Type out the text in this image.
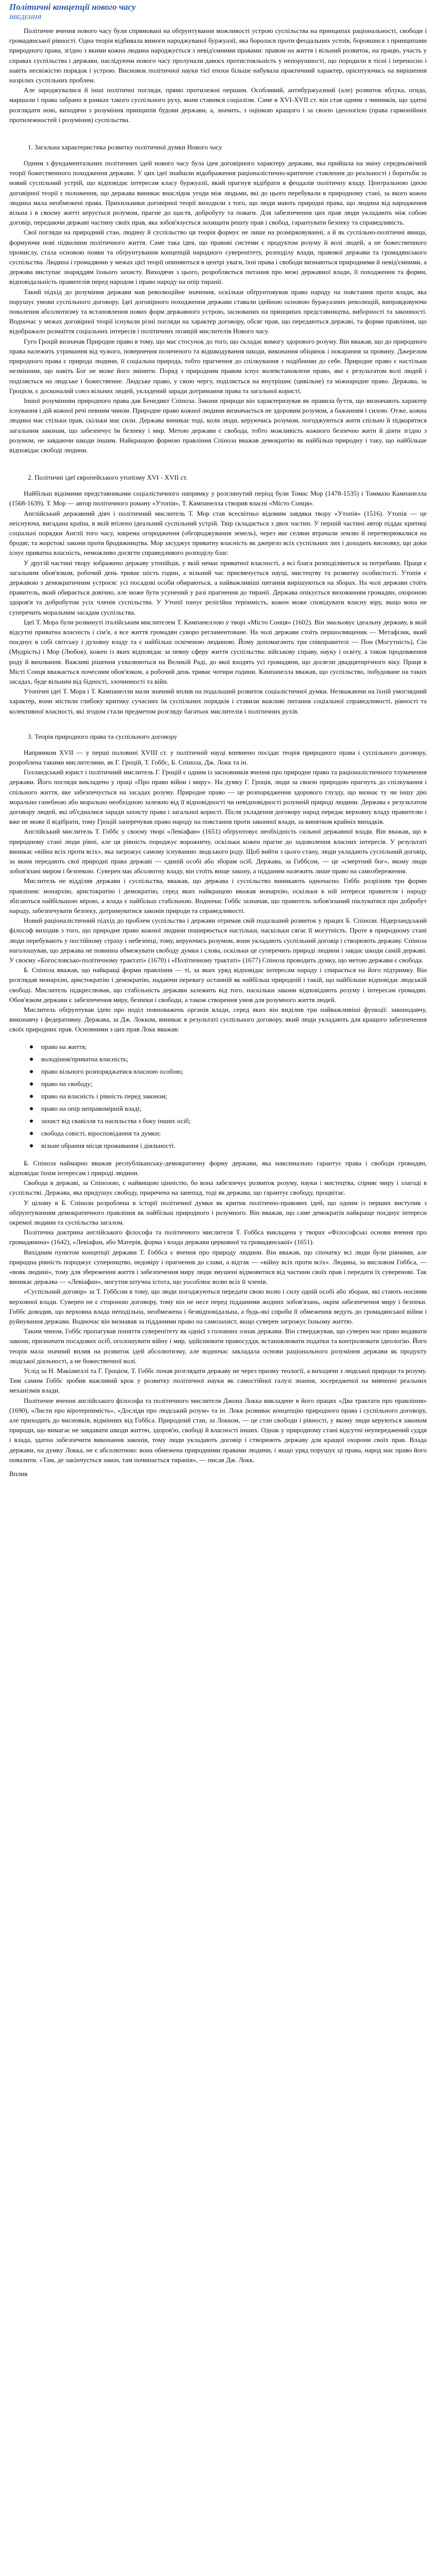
Політичні концепції нового часу
ВВЕДЕННЯ

Політичне вчення нового часу були спрямовані на обґрунтування можливості устрою суспільства на принципах раціональності, свободи і громадянської рівності. Одна теорія відбивала вимоги народжуваної буржуазії, яка боролася проти феодальних устоїв, боровшися з принципами природного права, згідно з якими кожна людина народжується з невід'ємними правами: правом на життя і вільний розвиток, на працю, участь у справах суспільства і держави, наслідуючи нового часу пролунали давоєх протистояльність у непорушності, що породили в тісні і переносно і навіть несвіжістю порядок і устрою. Висновок політичної науки тієї епохи більше набувала практичний характер, орієнтуючись на вирішення назрілих суспільних проблем.

Але зароджувалися й інші політичні погляди, прямо протилежні першим. Особливий, антибуржуазний (але) розвиток яблука, огида, маршали і права забрано в рамках такого суспільного руху, яким ставився соціалізм. Саме в XVI-XVII ст. він став одним з чинників, що здатні розглядати нові, виходячи з розуміння принципів будови держави, а, значить, з оцінкою кращого і за своєю ідеологією (права гармонійних протилежностей і розуміння) суспільства.

1. Загальна характеристика розвитку політичної думки Нового часу

Одним з фундаментальних політичних ідей нового часу була ідея договірного характеру держави, яка прийшла на зміну середньовічній теорії божественного походження держави. У цих ідеї знайшли відображення раціоналістично-критичне ставлення до реальності і боротьби за новий суспільний устрій, що відповідає інтересам класу буржуазії, який прагнув відібрати в феодалів політичну владу. Центральною ідеєю договірної теорії є положення, що держава виникає внаслідок угоди між людьми, які до цього перебували в природному стані, за якого кожна людина мала необмежені права. Прихильники договірної теорії виходили з того, що люди мають природні права, що людина від народження вільна і в своєму житті керується розумом, прагне до щастя, добробуту та поваги. Для забезпечення цих прав люди укладають між собою договір, передаючи державі частину своїх прав, яка зобов'язується захищати решту прав і свобод, гарантувати безпеку та справедливість.

Свої погляди на природний стан, людину й суспільство ця теорія формує не лише на розмірковуванні, а й як суспільно-політичні явища, формуючи нові підвалини політичного життя. Саме така ідея, що правові системи є продуктом розуму й волі людей, а не божественного промислу, стала основою появи та обґрунтування концепцій народного суверенітету, розподілу влади, правової держави та громадянського суспільства. Людина і громадянин у межах цієї теорії опиняються в центрі уваги, їхні права і свободи визнаються природними й невід'ємними, а держава виступає знаряддям їхнього захисту. Виходячи з цього, розробляється питання про межі державної влади, її походження та форми, відповідальність правителів перед народом і право народу на опір тиранії.

Такий підхід до розуміння держави мав революційне значення, оскільки обґрунтовував право народу на повстання проти влади, яка порушує умови суспільного договору. Ідеї договірного походження держави ставали ідейною основою буржуазних революцій, виправдовуючи повалення абсолютизму та встановлення нових форм державного устрою, заснованих на принципах представництва, виборності та законності. Водночас у межах договірної теорії існували різні погляди на характер договору, обсяг прав, що передаються державі, та форми правління, що відображало розмаїття соціальних інтересів і політичних позицій мислителів Нового часу.

Гуго Гроцій визначав Природне право в тому, що має стосунок до того, що складає вимогу здорового розуму. Він вважав, що до природного права належить утримання від чужого, повернення позиченого та відшкодування шкоди, виконання обіцянок і покарання за провину. Джерелом природного права є природа людини, її соціальна природа, тобто прагнення до спілкування з подібними до себе. Природне право є настільки незмінним, що навіть Бог не може його змінити. Поряд з природним правом існує волевстановлене право, яке є результатом волі людей і поділяється на людське і божественне. Людське право, у свою чергу, поділяється на внутрішнє (цивільне) та міжнародне право. Держава, за Гроцієм, є досконалий союз вільних людей, укладений заради дотримання права та загальної користі.

Іншої розумінням природного права дав Бенедикт Спіноза. Закони природи він характеризував як правила буття, що визначають характер існування і дій кожної речі певним чином. Природне право кожної людини визначається не здоровим розумом, а бажанням і силою. Отже, кожна людина має стільки прав, скільки має сили. Держава виникає тоді, коли люди, керуючись розумом, погоджуються жити спільно й підкорятися загальним законам, що забезпечує їм безпеку і мир. Метою держави є свобода, тобто можливість кожного безпечно жити й діяти згідно з розумом, не завдаючи шкоди іншим. Найкращою формою правління Спіноза вважав демократію як найбільш природну і таку, що найбільше відповідає свободі людини.

2. Політичні ідеї європейського утопізму XVI - XVII ст.

Найбільш відомими представниками соціалістичного напрямку у розглянутий період були Томас Мор (1478-1535) і Томмазо Кампанелла (1568-1639). Т. Мор — автор політичного роману «Утопія», Т. Кампанелла створив власні «Місто Сонця».

Англійський державний діяч і політичний мислитель Т. Мор став всесвітньо відомим завдяки твору «Утопія» (1516). Утопія — це неіснуюча, вигадана країна, в якій втілено ідеальний суспільний устрій. Твір складається з двох частин. У першій частині автор піддає критиці соціальні порядки Англії того часу, зокрема огородження (обгороджування земель), через яке селяни втрачали землю й перетворювалися на бродяг, та жорстокі закони проти бродяжництва. Мор засуджує приватну власність як джерело всіх суспільних лих і доходить висновку, що доки існує приватна власність, неможливо досягти справедливого розподілу благ.

У другій частині твору зображено державу утопійців, у якій немає приватної власності, а всі блага розподіляються за потребами. Праця є загальним обов'язком, робочий день триває шість годин, а вільний час присвячується науці, мистецтву та розвитку особистості. Утопія є державою з демократичним устроєм: усі посадові особи обираються, а найважливіші питання вирішуються на зборах. На чолі держави стоїть правитель, який обирається довічно, але може бути усунений у разі прагнення до тиранії. Держава опікується вихованням громадян, охороною здоров'я та добробутом усіх членів суспільства. У Утопії панує релігійна терпимість, кожен може сповідувати власну віру, якщо вона не суперечить моральним засадам суспільства.

Ідеї Т. Мора були розвинуті італійським мислителем Т. Кампанеллою у творі «Місто Сонця» (1602). Він змальовує ідеальну державу, в якій відсутні приватна власність і сім'я, а все життя громадян суворо регламентоване. На чолі держави стоїть першосвященик — Метафізик, який поєднує в собі світську і духовну владу та є найбільш освіченою людиною. Йому допомагають три співправителі — Пон (Могутність), Сін (Мудрість) і Мор (Любов), кожен із яких відповідає за певну сферу життя суспільства: військову справу, науку і освіту, а також продовження роду й виховання. Важливі рішення ухвалюються на Великій Раді, до якої входять усі громадяни, що досягли двадцятирічного віку. Праця в Місті Сонця вважається почесним обов'язком, а робочий день триває чотири години. Кампанелла вважав, що суспільство, побудоване на таких засадах, буде вільним від бідності, злочинності та війн.

Утопічні ідеї Т. Мора і Т. Кампанелли мали значний вплив на подальший розвиток соціалістичної думки. Незважаючи на їхній умоглядний характер, вони містили глибоку критику сучасних їм суспільних порядків і ставили важливі питання соціальної справедливості, рівності та колективної власності, які згодом стали предметом розгляду багатьох мислителів і політичних рухів.

3. Теорія природного права та суспільного договору

Напрямком XVII — у перші половині XVIII ст. у політичній науці впевнено посідає теорія природного права і суспільного договору, розроблена такими мислителями, як Г. Гроцій, Т. Гоббс, Б. Спіноза, Дж. Локк та ін.

Голландський юрист і політичний мислитель Г. Гроцій є одним із засновників вчення про природне право та раціоналістичного тлумачення держави. Його погляди викладено у праці «Про право війни і миру». На думку Г. Гроція, люди за своєю природою прагнуть до спілкування і спільного життя, яке забезпечується на засадах розуму. Природне право — це розпорядження здорового глузду, що визнає ту чи іншу дію морально ганебною або морально необхідною залежно від її відповідності чи невідповідності розумній природі людини. Держава є результатом договору людей, які об'єдналися заради захисту права і загальної користі. Після укладення договору народ передає верховну владу правителю і вже не може її відібрати, тому Гроцій заперечував право народу на повстання проти законної влади, за винятком крайніх випадків.

Англійський мислитель Т. Гоббс у своєму творі «Левіафан» (1651) обґрунтовує необхідність сильної державної влади. Він вважав, що в природному стані люди рівні, але ця рівність породжує ворожнечу, оскільки кожен прагне до задоволення власних інтересів. У результаті виникає «війна всіх проти всіх», яка загрожує самому існуванню людського роду. Щоб вийти з цього стану, люди укладають суспільний договір, за яким передають свої природні права державі — єдиній особі або зборам осіб. Держава, за Гоббсом, — це «смертний бог», якому люди зобов'язані миром і безпекою. Суверен має абсолютну владу, він стоїть вище закону, а підданим належить лише право на самозбереження.

Мислитель не відділяв держави і суспільства, вважав, що держава і суспільство виникають одночасно. Гоббс розрізняв три форми правління: монархію, аристократію і демократію, серед яких найкращою вважав монархію, оскільки в ній інтереси правителя і народу збігаються найбільшою мірою, а влада є найбільш стабільною. Водночас Гоббс зазначав, що правитель зобов'язаний піклуватися про добробут народу, забезпечувати безпеку, дотримуватися законів природи та справедливості.

Новий раціоналістичний підхід до проблем суспільства і держави отримав свій подальший розвиток у працях Б. Спінози. Нідерландський філософ виходив з того, що природне право кожної людини поширюється настільки, наскільки сягає її могутність. Проте в природному стані люди перебувають у постійному страху і небезпеці, тому, керуючись розумом, вони укладають суспільний договір і створюють державу. Спіноза наголошував, що держава не повинна обмежувати свободу думки і слова, оскільки це суперечить природі людини і завдає шкоди самій державі. У своєму «Богословсько-політичному трактаті» (1670) і «Політичному трактаті» (1677) Спіноза проводить думку, що метою держави є свобода.

Б. Спіноза вважав, що найкращі форми правління — ті, за яких уряд відповідає інтересам народу і спирається на його підтримку. Він розглядав монархію, аристократію і демократію, надаючи перевагу останній як найбільш природній і такій, що найбільше відповідає людській свободі. Мислитель підкреслював, що стабільність держави залежить від того, наскільки закони відповідають розуму і інтересам громадян. Обов'язком держави є забезпечення миру, безпеки і свободи, а також створення умов для розумного життя людей.

Мислитель обґрунтував ідею про поділ повноважень органів влади, серед яких він виділив три найважливіші функції: законодавчу, виконавчу і федеративну. Держава, за Дж. Локком, виникає в результаті суспільного договору, який люди укладають для кращого забезпечення своїх природних прав. Основними з цих прав Локк вважав:

право на життя;
володіння/приватна власність;
право вільного розпоряджатися власною особою;
право на свободу;
право на власність і рівність перед законом;
право на опір неправомірній владі;
захист від свавілля та насильства з боку інших осіб;
свобода совісті, віросповідання та думки;
вільне обрання місця проживання і діяльності.

Б. Спіноза наймарно вважав республіканську-демократичну форму держави, яка максимально гарантує права і свободи громадян, відповідає їхнім інтересам і природі людини.

Свобода в державі, за Спінозою, є найвищою цінністю, бо вона забезпечує розвиток розуму, науки і мистецтва, сприяє миру і злагоді в суспільстві. Держава, яка придушує свободу, приречена на занепад, тоді як держава, що гарантує свободу, процвітає.

У цілому в Б. Спінози розроблена в історії політичної думки як критик політично-правових ідей, що одним із перших виступив з обґрунтуванням демократичного правління як найбільш природного і розумного. Він вважав, що саме демократія найкраще поєднує інтереси окремої людини та суспільства загалом.

Політична доктрина англійського філософа та політичного мислителя Т. Гоббса викладена у творах «Філософські основи вчення про громадянина» (1642), «Левіафан, або Матерія, форма і влада держави церковної та громадянської» (1651).

Вихідним пунктом концепції держави Т. Гоббса є вчення про природу людини. Він вважав, що спочатку всі люди були рівними, але природна рівність породжує суперництво, недовіру і прагнення до слави, а відтак — «війну всіх проти всіх». Людина, за висловом Гоббса, — «вовк людині», тому для збереження життя і забезпечення миру люди змушені відмовитися від частини своїх прав і передати їх суверенові. Так виникає держава — «Левіафан», могутня штучна істота, що уособлює волю всіх її членів.

«Суспільний договір» за Т. Гоббсом в тому, що люди погоджуються передати свою волю і силу одній особі або зборам, які стають носіями верховної влади. Суверен не є стороною договору, тому він не несе перед підданими жодних зобов'язань, окрім забезпечення миру і безпеки. Гоббс доводив, що верховна влада неподільна, необмежена і безвідповідальна, а будь-які спроби її обмеження ведуть до громадянської війни і руйнування держави. Водночас він визнавав за підданими право на самозахист, якщо суверен загрожує їхньому життю.

Таким чином, Гоббс пропагував поняття суверенітету як однієї з головних ознак держави. Він стверджував, що суверен має право видавати закони, призначати посадових осіб, оголошувати війну і мир, здійснювати правосуддя, встановлювати податки та контролювати ідеологію. Його теорія мала значний вплив на розвиток ідей абсолютизму, але водночас закладала основи раціонального розуміння держави як продукту людської діяльності, а не божественної волі.

Услід за Н. Макіавеллі та Г. Гроцієм, Т. Гоббс почав розглядати державу не через призму теології, а виходячи з людської природи та розуму. Тим самим Гоббс зробив важливий крок у розвитку політичної науки як самостійної галузі знання, зосередженої на вивченні реальних механізмів влади.

Політичне вчення англійського філософа та політичного мислителя Джона Локка викладене в його працях «Два трактати про правління» (1690), «Листи про віротерпимість», «Досліди про людський розум» та ін. Локк розвиває концепцію природного права і суспільного договору, але приходить до висновків, відмінних від Гоббса. Природний стан, за Локком, — це стан свободи і рівності, у якому люди керуються законом природи, що вимагає не завдавати шкоди життю, здоров'ю, свободі й власності інших. Однак у природному стані відсутні неупереджений суддя і влада, здатна забезпечити виконання законів, тому люди укладають договір і створюють державу для кращої охорони своїх прав. Влада держави, на думку Локка, не є абсолютною: вона обмежена природними правами людини, і якщо уряд порушує ці права, народ має право його повалити. «Там, де закінчується закон, там починається тиранія», — писав Дж. Локк.

Вплив
